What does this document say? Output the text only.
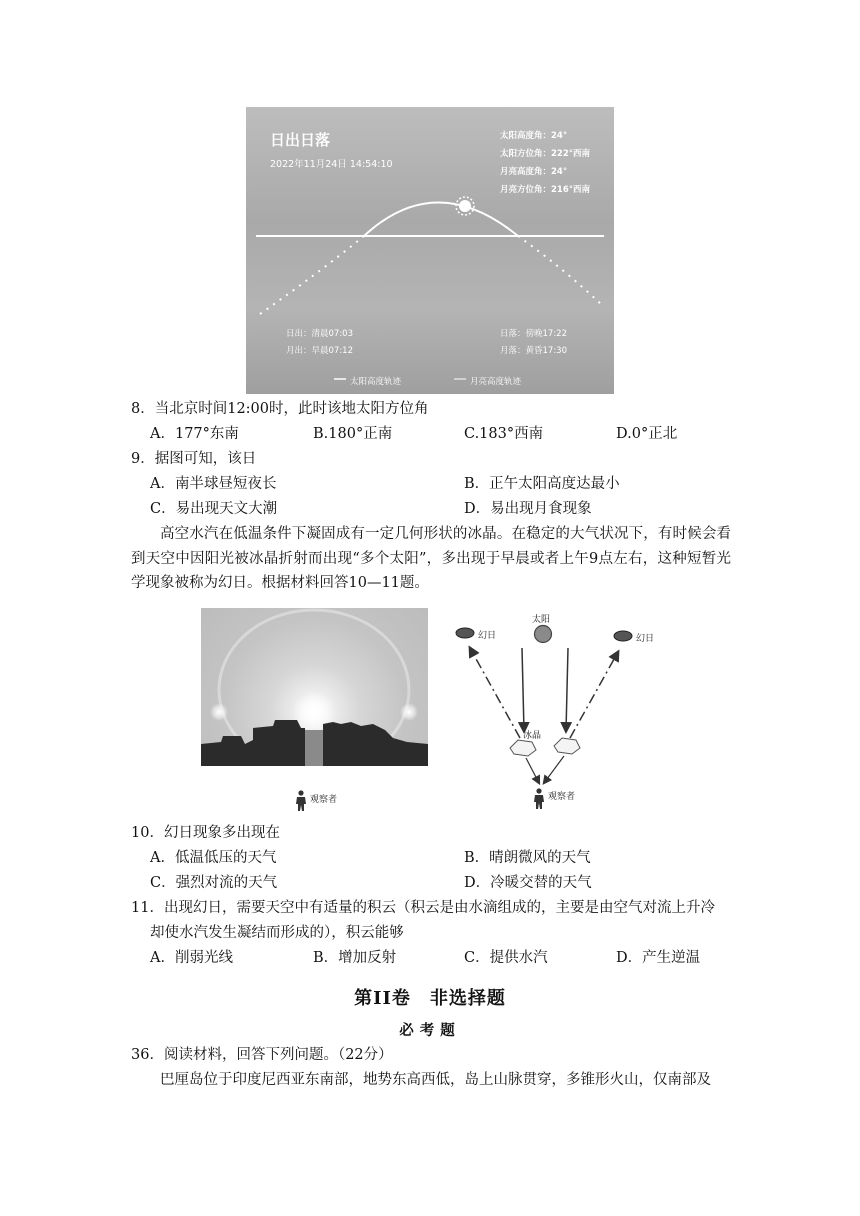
日出日落
2022年11月24日 14:54:10
太阳高度角：24°
太阳方位角：222°西南
月亮高度角：24°
月亮方位角：216°西南
日出：清晨07:03
月出：早晨07:12
日落：傍晚17:22
月落：黄昏17:30
太阳高度轨迹	月亮高度轨迹
8．当北京时间12:00时，此时该地太阳方位角
A．177°东南	B.180°正南	C.183°西南	D.0°正北
9．据图可知，该日
A．南半球昼短夜长	B．正午太阳高度达最小
C．易出现天文大潮	D．易出现月食现象
高空水汽在低温条件下凝固成有一定几何形状的冰晶。在稳定的大气状况下，有时候会看到天空中因阳光被冰晶折射而出现“多个太阳”，多出现于早晨或者上午9点左右，这种短暂光学现象被称为幻日。根据材料回答10—11题。
观察者
太阳
幻日	幻日
冰晶
观察者
10．幻日现象多出现在
A．低温低压的天气	B．晴朗微风的天气
C．强烈对流的天气	D．冷暖交替的天气
11．出现幻日，需要天空中有适量的积云（积云是由水滴组成的，主要是由空气对流上升冷
却使水汽发生凝结而形成的），积云能够
A．削弱光线	B．增加反射	C．提供水汽	D．产生逆温
第II卷　非选择题
必考题
36．阅读材料，回答下列问题。（22分）
巴厘岛位于印度尼西亚东南部，地势东高西低，岛上山脉贯穿，多锥形火山，仅南部及
